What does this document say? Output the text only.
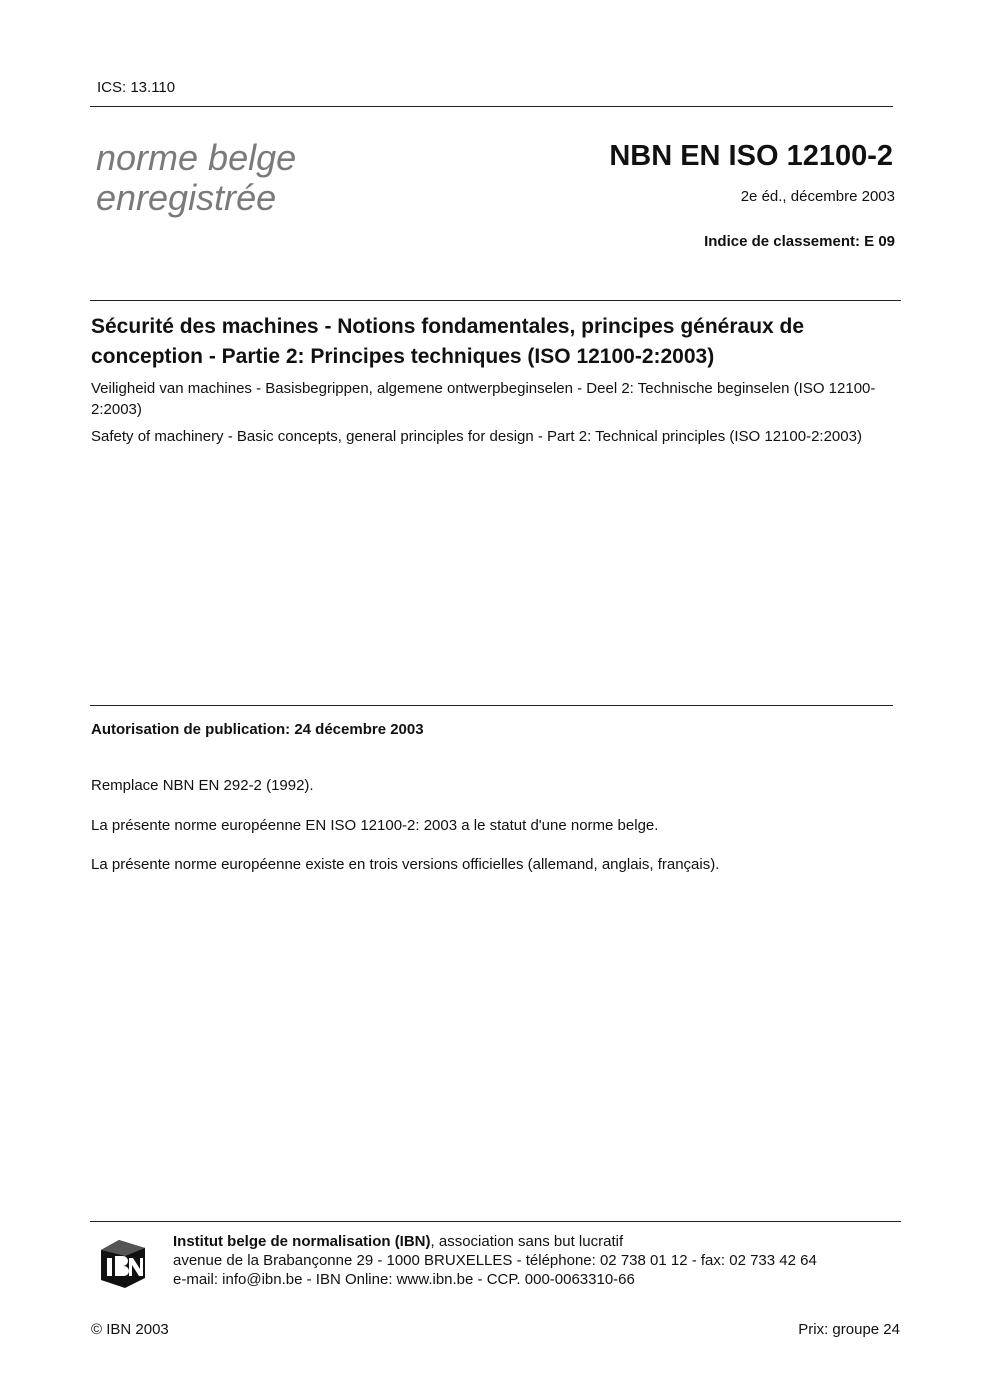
ICS: 13.110
norme belge
enregistrée
NBN EN ISO 12100-2
2e éd., décembre 2003
Indice de classement: E 09
Sécurité des machines - Notions fondamentales, principes généraux de conception - Partie 2: Principes techniques (ISO 12100-2:2003)
Veiligheid van machines - Basisbegrippen, algemene ontwerpbeginselen - Deel 2: Technische beginselen (ISO 12100-2:2003)
Safety of machinery - Basic concepts, general principles for design - Part 2: Technical principles (ISO 12100-2:2003)
Autorisation de publication: 24 décembre 2003
Remplace NBN EN 292-2 (1992).
La présente norme européenne EN ISO 12100-2: 2003 a le statut d'une norme belge.
La présente norme européenne existe en trois versions officielles (allemand, anglais, français).
Institut belge de normalisation (IBN), association sans but lucratif
avenue de la Brabançonne 29 - 1000 BRUXELLES - téléphone: 02 738 01 12 - fax: 02 733 42 64
e-mail: info@ibn.be - IBN Online: www.ibn.be - CCP. 000-0063310-66
© IBN 2003	Prix: groupe 24
